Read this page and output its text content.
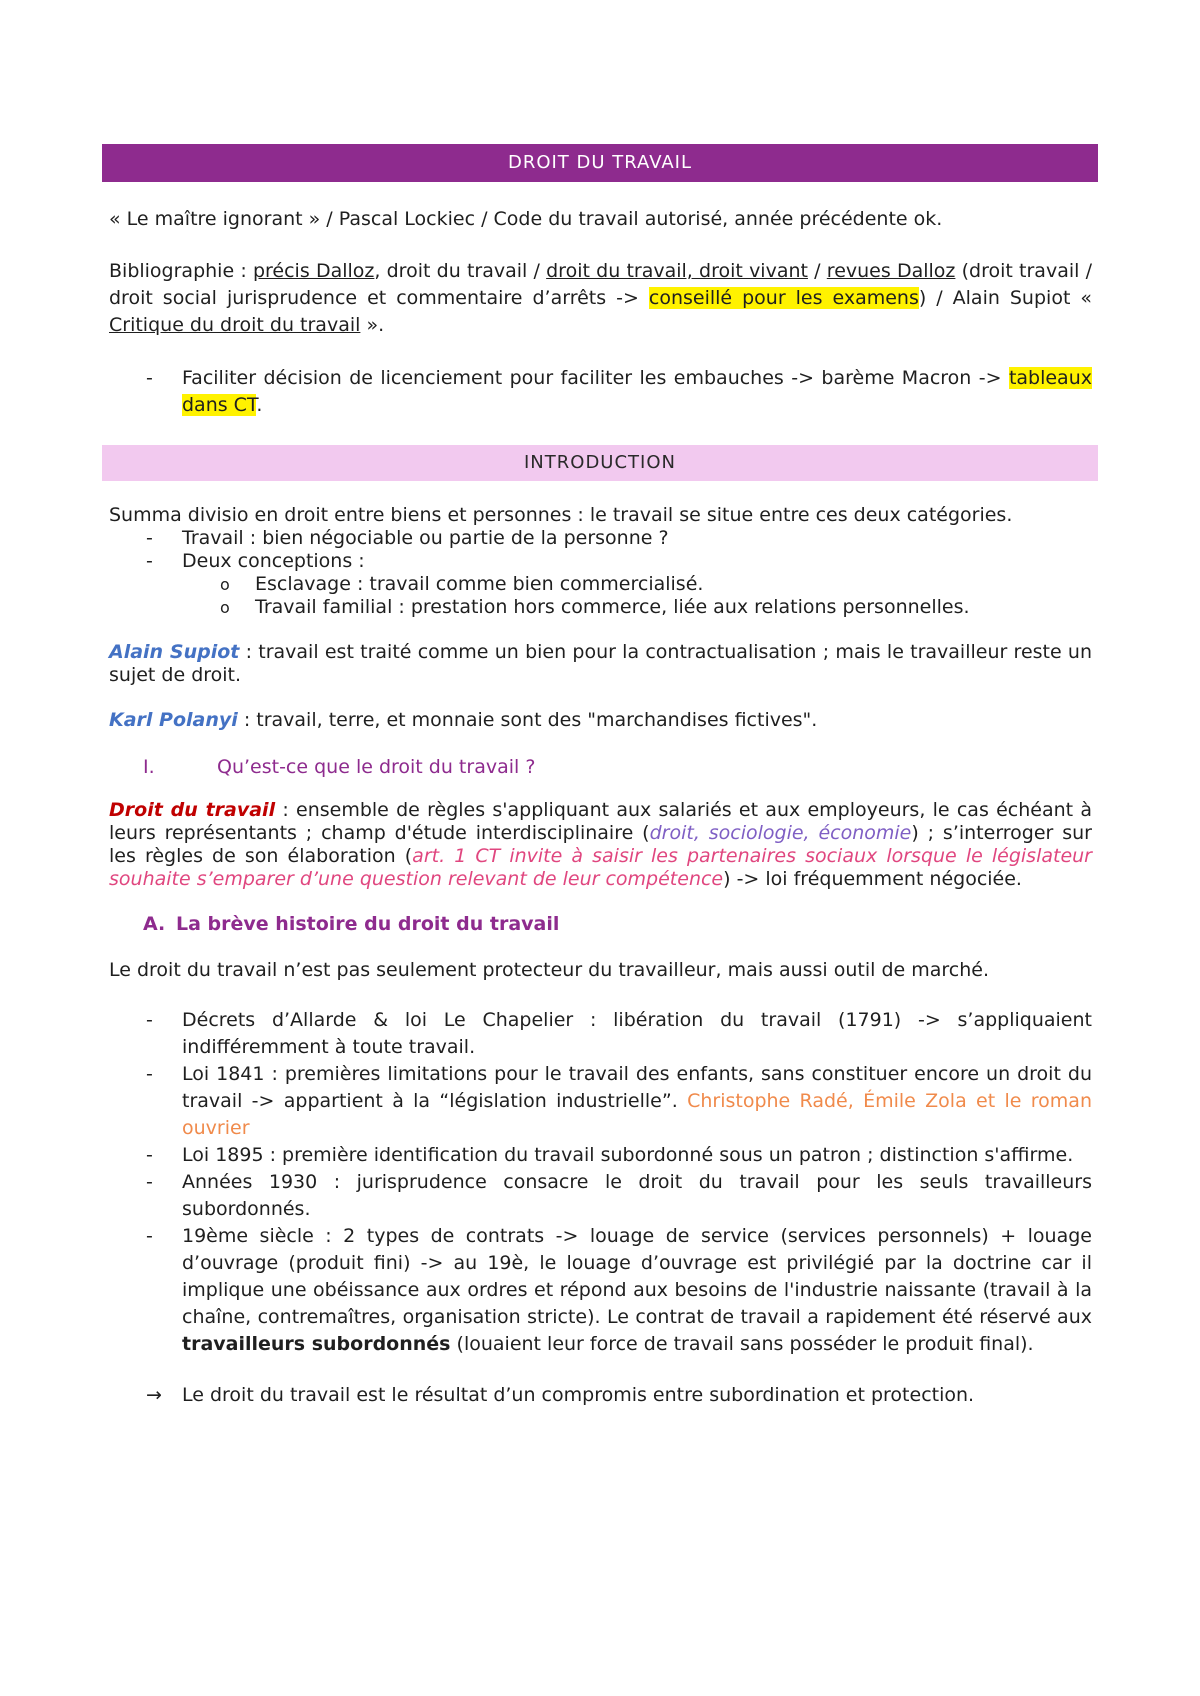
DROIT DU TRAVAIL

« Le maître ignorant » / Pascal Lockiec / Code du travail autorisé, année précédente ok.

Bibliographie : précis Dalloz, droit du travail / droit du travail, droit vivant / revues Dalloz (droit travail / droit social jurisprudence et commentaire d’arrêts -> conseillé pour les examens) / Alain Supiot « Critique du droit du travail ».

- Faciliter décision de licenciement pour faciliter les embauches -> barème Macron -> tableaux dans CT.
INTRODUCTION

Summa divisio en droit entre biens et personnes : le travail se situe entre ces deux catégories.

- Travail : bien négociable ou partie de la personne ?
- Deux conceptions :
o Esclavage : travail comme bien commercialisé.
o Travail familial : prestation hors commerce, liée aux relations personnelles.

Alain Supiot : travail est traité comme un bien pour la contractualisation ; mais le travailleur reste un sujet de droit.

Karl Polanyi : travail, terre, et monnaie sont des "marchandises fictives".

I.	Qu’est-ce que le droit du travail ?

Droit du travail : ensemble de règles s'appliquant aux salariés et aux employeurs, le cas échéant à leurs représentants ; champ d'étude interdisciplinaire (droit, sociologie, économie) ; s’interroger sur les règles de son élaboration (art. 1 CT invite à saisir les partenaires sociaux lorsque le législateur souhaite s’emparer d’une question relevant de leur compétence) -> loi fréquemment négociée.

A. La brève histoire du droit du travail

Le droit du travail n’est pas seulement protecteur du travailleur, mais aussi outil de marché.

- Décrets d’Allarde & loi Le Chapelier : libération du travail (1791) -> s’appliquaient indifféremment à toute travail.
- Loi 1841 : premières limitations pour le travail des enfants, sans constituer encore un droit du travail -> appartient à la “législation industrielle”. Christophe Radé, Émile Zola et le roman ouvrier
- Loi 1895 : première identification du travail subordonné sous un patron ; distinction s'affirme.
- Années 1930 : jurisprudence consacre le droit du travail pour les seuls travailleurs subordonnés.
- 19ème siècle : 2 types de contrats -> louage de service (services personnels) + louage d’ouvrage (produit fini) -> au 19è, le louage d’ouvrage est privilégié par la doctrine car il implique une obéissance aux ordres et répond aux besoins de l'industrie naissante (travail à la chaîne, contremaîtres, organisation stricte). Le contrat de travail a rapidement été réservé aux travailleurs subordonnés (louaient leur force de travail sans posséder le produit final).

→ Le droit du travail est le résultat d’un compromis entre subordination et protection.
